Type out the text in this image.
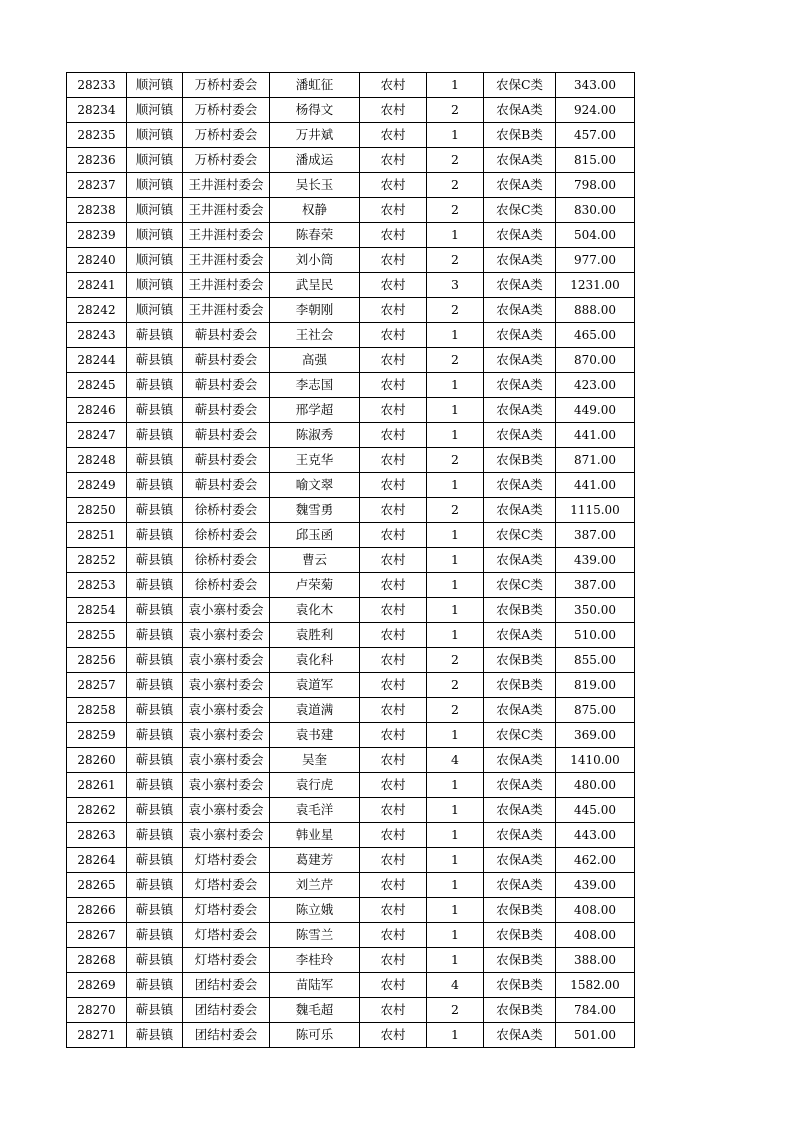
28233	顺河镇	万桥村委会	潘虹征	农村	1	农保C类	343.00
28234	顺河镇	万桥村委会	杨得文	农村	2	农保A类	924.00
28235	顺河镇	万桥村委会	万井斌	农村	1	农保B类	457.00
28236	顺河镇	万桥村委会	潘成运	农村	2	农保A类	815.00
28237	顺河镇	王井涯村委会	吴长玉	农村	2	农保A类	798.00
28238	顺河镇	王井涯村委会	权静	农村	2	农保C类	830.00
28239	顺河镇	王井涯村委会	陈春荣	农村	1	农保A类	504.00
28240	顺河镇	王井涯村委会	刘小筒	农村	2	农保A类	977.00
28241	顺河镇	王井涯村委会	武呈民	农村	3	农保A类	1231.00
28242	顺河镇	王井涯村委会	李朝刚	农村	2	农保A类	888.00
28243	蕲县镇	蕲县村委会	王社会	农村	1	农保A类	465.00
28244	蕲县镇	蕲县村委会	高强	农村	2	农保A类	870.00
28245	蕲县镇	蕲县村委会	李志国	农村	1	农保A类	423.00
28246	蕲县镇	蕲县村委会	邢学超	农村	1	农保A类	449.00
28247	蕲县镇	蕲县村委会	陈淑秀	农村	1	农保A类	441.00
28248	蕲县镇	蕲县村委会	王克华	农村	2	农保B类	871.00
28249	蕲县镇	蕲县村委会	喻文翠	农村	1	农保A类	441.00
28250	蕲县镇	徐桥村委会	魏雪勇	农村	2	农保A类	1115.00
28251	蕲县镇	徐桥村委会	邱玉函	农村	1	农保C类	387.00
28252	蕲县镇	徐桥村委会	曹云	农村	1	农保A类	439.00
28253	蕲县镇	徐桥村委会	卢荣菊	农村	1	农保C类	387.00
28254	蕲县镇	袁小寨村委会	袁化木	农村	1	农保B类	350.00
28255	蕲县镇	袁小寨村委会	袁胜利	农村	1	农保A类	510.00
28256	蕲县镇	袁小寨村委会	袁化科	农村	2	农保B类	855.00
28257	蕲县镇	袁小寨村委会	袁道军	农村	2	农保B类	819.00
28258	蕲县镇	袁小寨村委会	袁道满	农村	2	农保A类	875.00
28259	蕲县镇	袁小寨村委会	袁书建	农村	1	农保C类	369.00
28260	蕲县镇	袁小寨村委会	吴奎	农村	4	农保A类	1410.00
28261	蕲县镇	袁小寨村委会	袁行虎	农村	1	农保A类	480.00
28262	蕲县镇	袁小寨村委会	袁毛洋	农村	1	农保A类	445.00
28263	蕲县镇	袁小寨村委会	韩业星	农村	1	农保A类	443.00
28264	蕲县镇	灯塔村委会	葛建芳	农村	1	农保A类	462.00
28265	蕲县镇	灯塔村委会	刘兰芹	农村	1	农保A类	439.00
28266	蕲县镇	灯塔村委会	陈立娥	农村	1	农保B类	408.00
28267	蕲县镇	灯塔村委会	陈雪兰	农村	1	农保B类	408.00
28268	蕲县镇	灯塔村委会	李桂玲	农村	1	农保B类	388.00
28269	蕲县镇	团结村委会	苗陆军	农村	4	农保B类	1582.00
28270	蕲县镇	团结村委会	魏毛超	农村	2	农保B类	784.00
28271	蕲县镇	团结村委会	陈可乐	农村	1	农保A类	501.00
